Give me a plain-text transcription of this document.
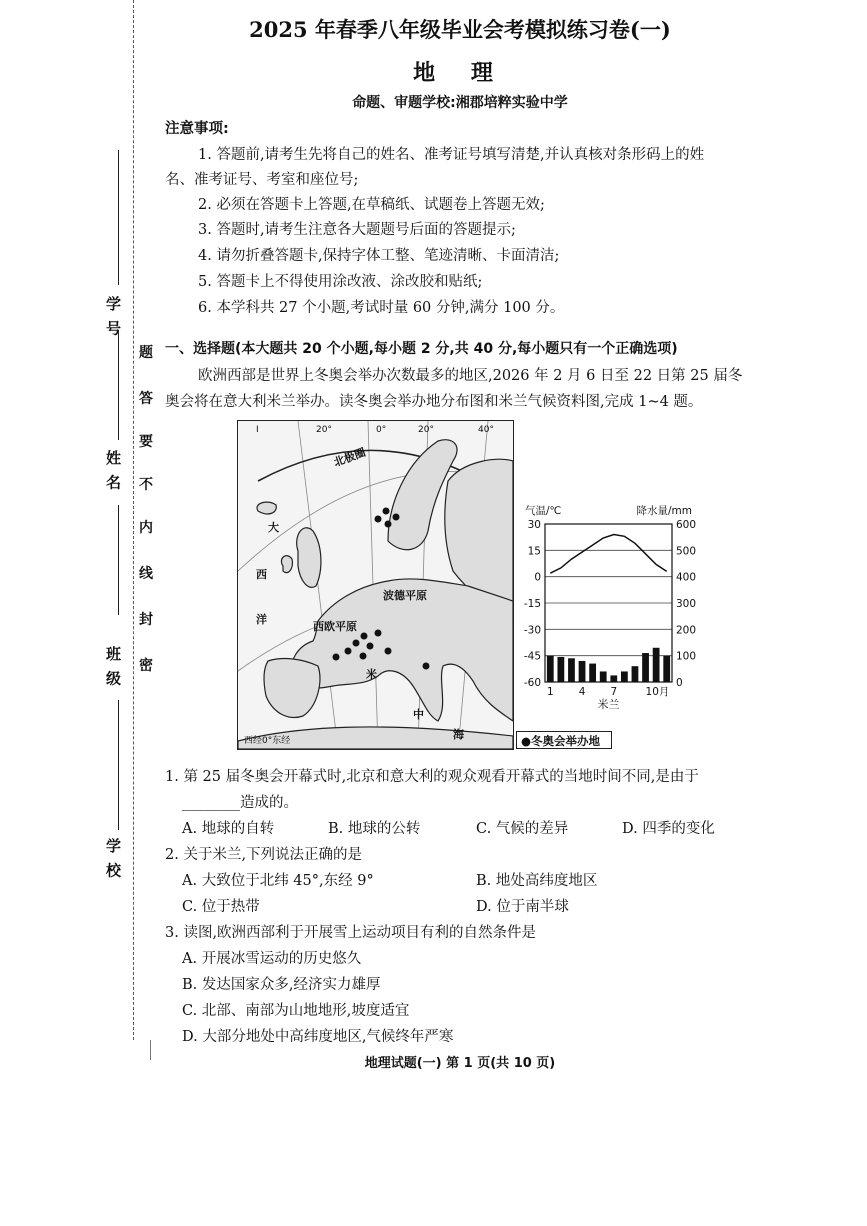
学 号
姓 名
班 级
学 校
密
封
线
内
不
要
答
题
2025 年春季八年级毕业会考模拟练习卷(一)
地 理
命题、审题学校:湘郡培粹实验中学
注意事项:
1. 答题前,请考生先将自己的姓名、准考证号填写清楚,并认真核对条形码上的姓
名、准考证号、考室和座位号;
2. 必须在答题卡上答题,在草稿纸、试题卷上答题无效;
3. 答题时,请考生注意各大题题号后面的答题提示;
4. 请勿折叠答题卡,保持字体工整、笔迹清晰、卡面清洁;
5. 答题卡上不得使用涂改液、涂改胶和贴纸;
6. 本学科共 27 个小题,考试时量 60 分钟,满分 100 分。
一、选择题(本大题共 20 个小题,每小题 2 分,共 40 分,每小题只有一个正确选项)
欧洲西部是世界上冬奥会举办次数最多的地区,2026 年 2 月 6 日至 22 日第 25 届冬
奥会将在意大利米兰举办。读冬奥会举办地分布图和米兰气候资料图,完成 1~4 题。
I	20°	0°	20°	40°
北极圈
大
西
洋
波德平原
西欧平原
米
中
海
西经0°东经
气温/℃	降水量/mm
30	600
15	500
0	400
-15	300
-30	200
-45	100
-60	0
1 4 7	10月
米兰
●冬奥会举办地
1. 第 25 届冬奥会开幕式时,北京和意大利的观众观看开幕式的当地时间不同,是由于
________造成的。
A. 地球的自转	B. 地球的公转	C. 气候的差异	D. 四季的变化
2. 关于米兰,下列说法正确的是
A. 大致位于北纬 45°,东经 9°	B. 地处高纬度地区
C. 位于热带	D. 位于南半球
3. 读图,欧洲西部利于开展雪上运动项目有利的自然条件是
A. 开展冰雪运动的历史悠久
B. 发达国家众多,经济实力雄厚
C. 北部、南部为山地地形,坡度适宜
D. 大部分地处中高纬度地区,气候终年严寒
地理试题(一) 第 1 页(共 10 页)
